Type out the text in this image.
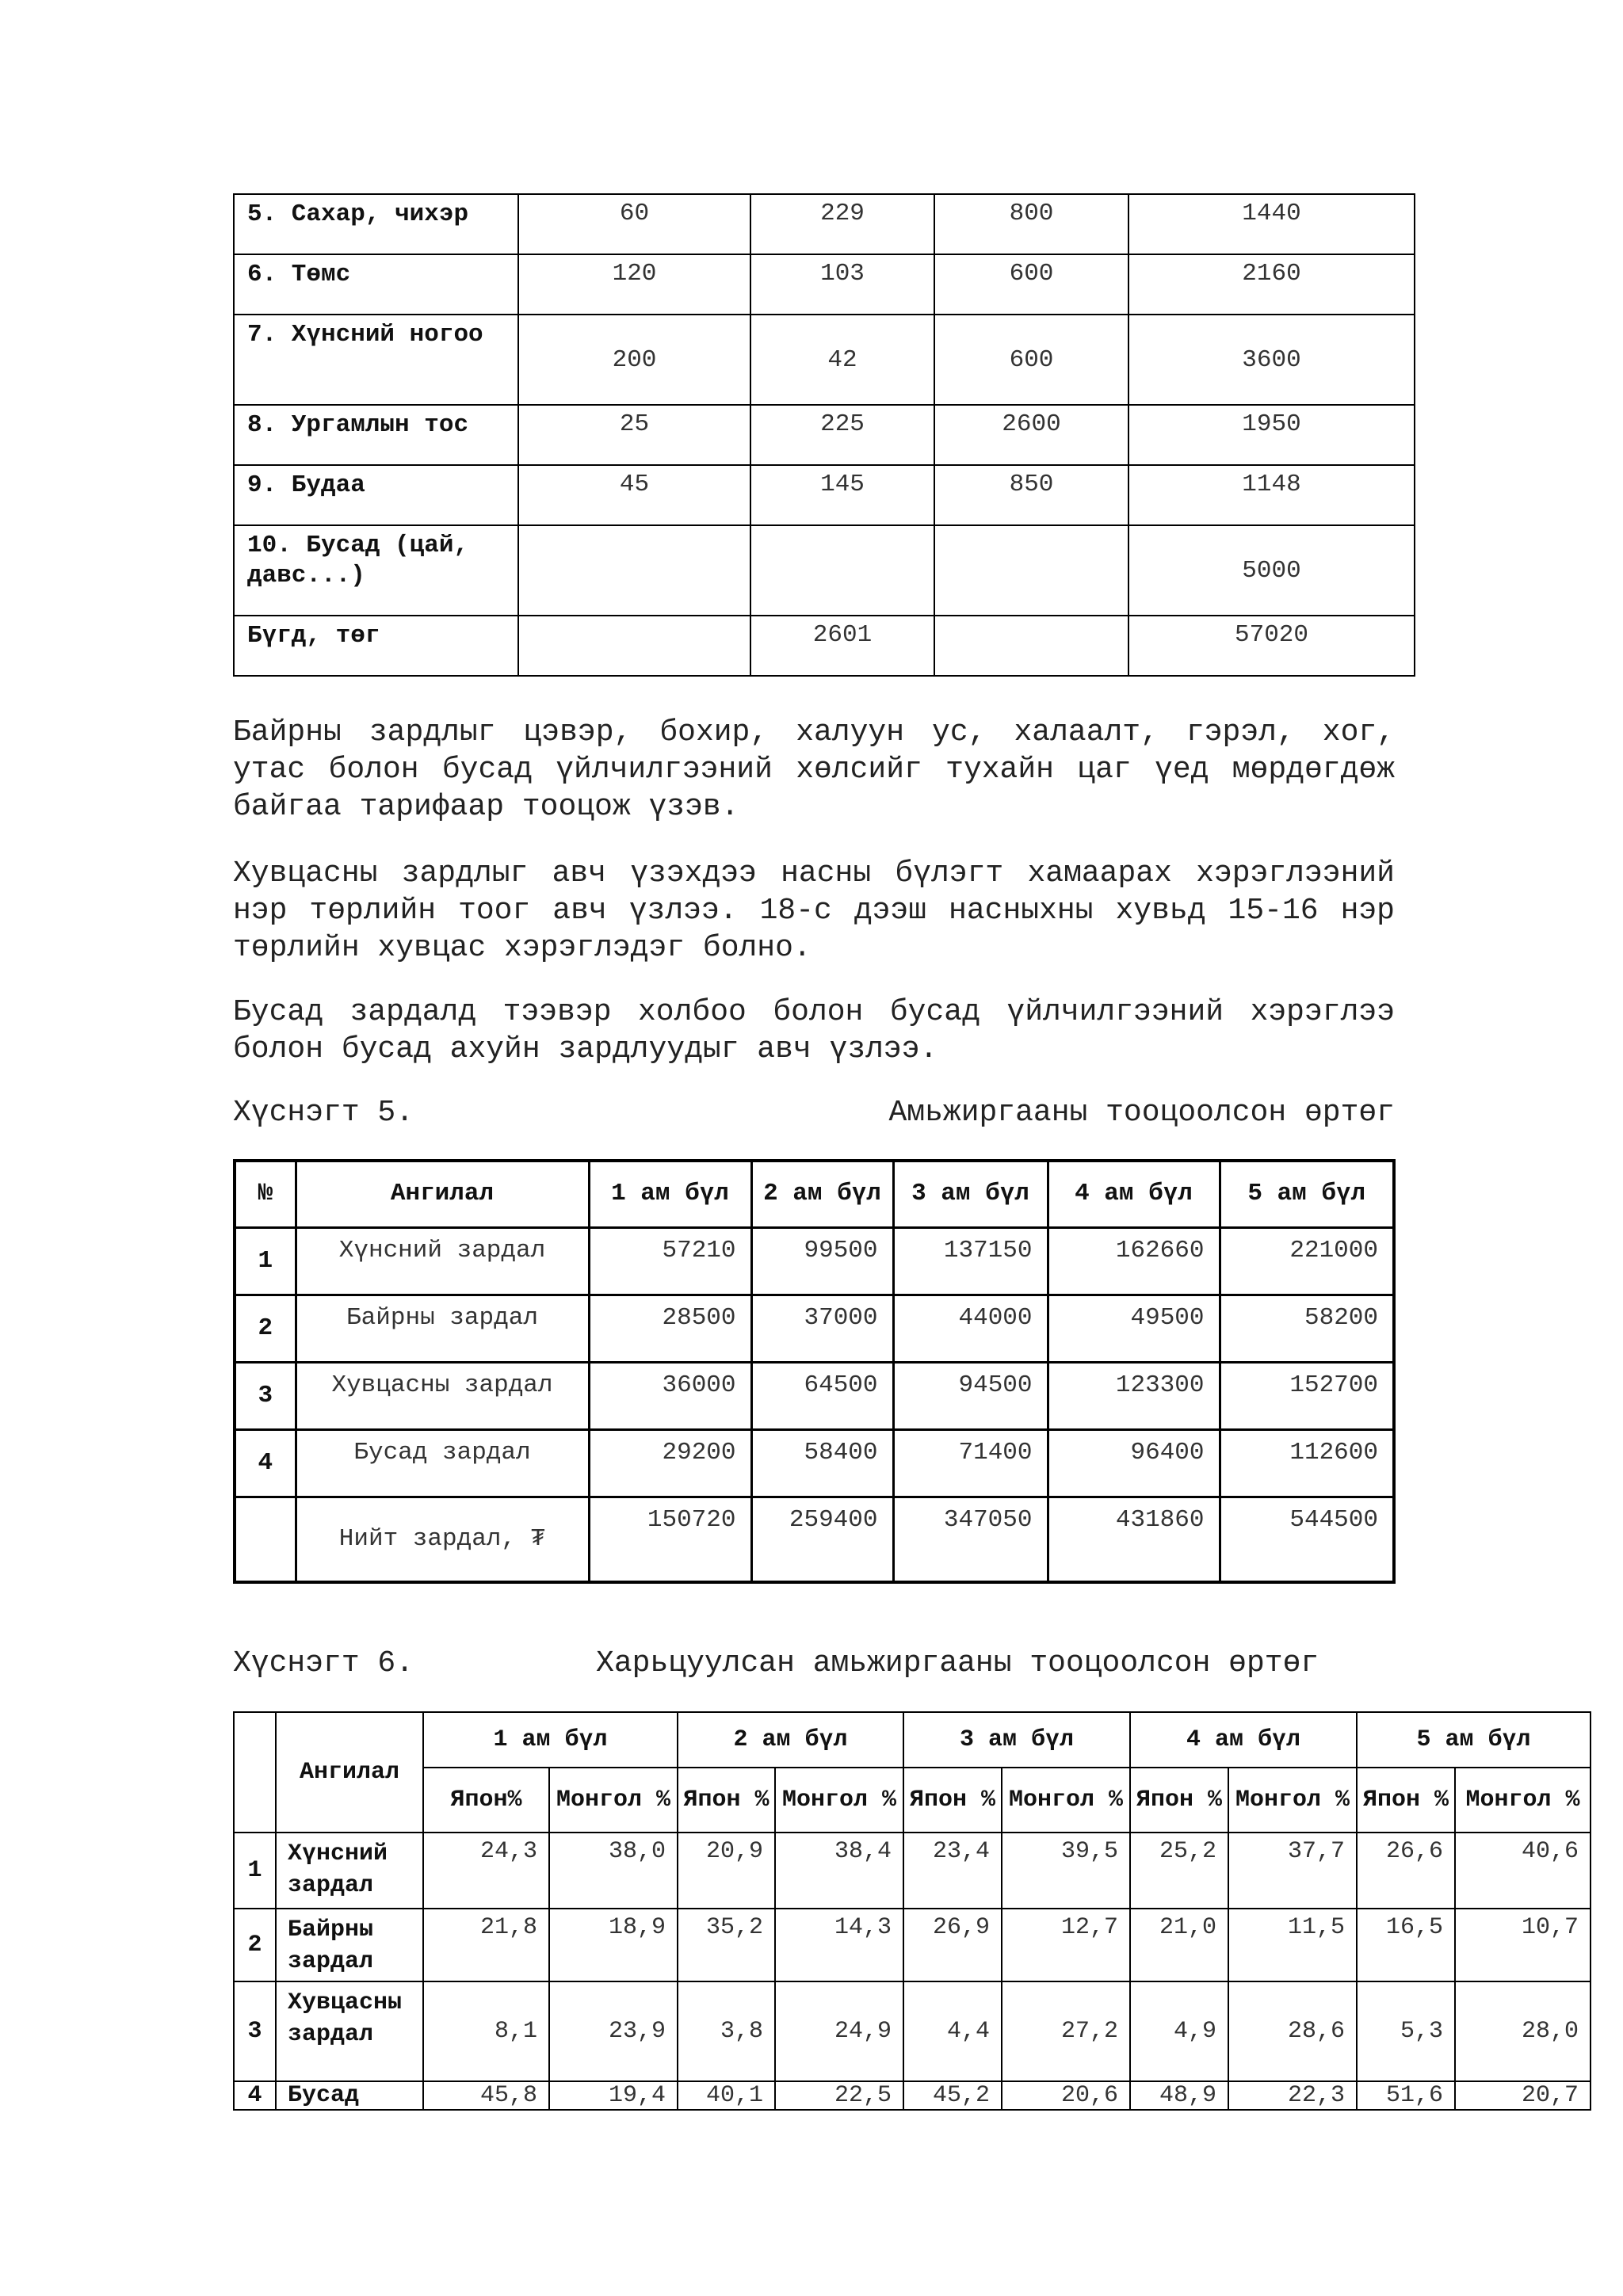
5. Сахар, чихэр	60	229	800	1440
6. Төмс	120	103	600	2160
7. Хүнсний ногоо	200	42	600	3600
8. Ургамлын тос	25	225	2600	1950
9. Будаа	45	145	850	1148
10. Бусад (цай, давс...)				5000
Бүгд, төг		2601		57020

Байрны зардлыг цэвэр, бохир, халуун ус, халаалт, гэрэл, хог, утас болон бусад үйлчилгээний хөлсийг тухайн цаг үед мөрдөгдөж байгаа тарифаар тооцож үзэв.

Хувцасны зардлыг авч үзэхдээ насны бүлэгт хамаарах хэрэглээний нэр төрлийн тоог авч үзлээ. 18-с дээш насныхны хувьд 15-16 нэр төрлийн хувцас хэрэглэдэг болно.

Бусад зардалд тээвэр холбоо болон бусад үйлчилгээний хэрэглээ болон бусад ахуйн зардлуудыг авч үзлээ.

Хүснэгт 5.	Амьжиргааны тооцоолсон өртөг
№	Ангилал	1 ам бүл	2 ам бүл	3 ам бүл	4 ам бүл	5 ам бүл
1	Хүнсний зардал	57210	99500	137150	162660	221000
2	Байрны зардал	28500	37000	44000	49500	58200
3	Хувцасны зардал	36000	64500	94500	123300	152700
4	Бусад зардал	29200	58400	71400	96400	112600
	Нийт зардал, ₮	150720	259400	347050	431860	544500
Хүснэгт 6.	Харьцуулсан амьжиргааны тооцоолсон өртөг
	Ангилал	1 ам бүл		2 ам бүл		3 ам бүл		4 ам бүл		5 ам бүл	
		Япон%	Монгол %	Япон %	Монгол %	Япон %	Монгол %	Япон %	Монгол %	Япон %	Монгол %
1	Хүнсний зардал	24,3	38,0	20,9	38,4	23,4	39,5	25,2	37,7	26,6	40,6
2	Байрны зардал	21,8	18,9	35,2	14,3	26,9	12,7	21,0	11,5	16,5	10,7
3	Хувцасны зардал	8,1	23,9	3,8	24,9	4,4	27,2	4,9	28,6	5,3	28,0
4	Бусад	45,8	19,4	40,1	22,5	45,2	20,6	48,9	22,3	51,6	20,7
